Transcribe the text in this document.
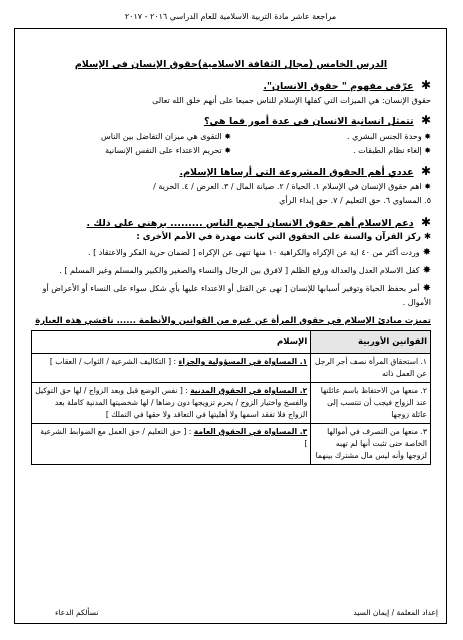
مراجعة عاشر مادة التربية الاسلامية للعام الدراسي ٢٠١٦ - ٢٠١٧
الدرس الخامس (مجال الثقافة الاسلامية)حقوق الإنسان في الإسلام
✱ عرّفي مفهوم " حقوق الانسان".
حقوق الإنسان: هي الميزات التي كفلها الإسلام للناس جميعا على أنهم خلق الله تعالى
✱ تتمثل انسانية الانسان في عدة أمور فما هي؟
✸ وحدة الجنس البشري .
✸ التقوى هي ميزان التفاضل بين الناس
✸ إلغاء نظام الطبقات .
✸ تحريم الاعتداء على النفس الإنسانية
✱ عددي أهم الحقوق المشروعة التي أرساها الإسلام.
✸ اهم حقوق الإنسان في الإسلام ١. الحياة / ٢. صيانة المال / ٣. العرض / ٤. الحرية /
٥. المساوي ٦. حق التعليم / ٧. حق إبداء الرأي
✱ دعم الاسلام أهم حقوق الانسان لجميع الناس ......... برهني على ذلك .
✱ ركز القرآن والسنة على الحقوق التي كانت مهدرة في الأمم الأخرى :
✸وردت أكثر من ٤٠ اية عن الإكراه والكراهية ١٠ منها تنهى عن الإكراه [ لضمان حرية الفكر والاعتقاد ] .
✸كفل الاسلام العدل والعدالة ورفع الظلم [ لافرق بين الرجال والنساء والصغير والكبير والمسلم وغير المسلم ] .
✸أمر بحفظ الحياة وتوفير أسبابها للإنسان [ نهى عن القتل أو الاعتداء عليها بأي شكل سواء على النساء أو الأعراض أو الأموال .
تميزت مبادئ الإسلام في حقوق المرأة عن غيره من القوانين والأنظمة ...... ناقشي هذه العبارة
القوانين الأوربية	الإسلام
١. استحقاق المرأة نصف أجر الرجل عن العمل ذاته	١. المساواة في المسؤولية والجزاء : [ التكاليف الشرعية / الثواب / العقاب ]
٢. منعها من الاحتفاظ باسم عائلتها عند الزواج فيجب أن تنتسب إلى عائلة زوجها	٢. المساواة في الحقوق المدنية : [ نفس الوضع قبل وبعد الزواج / لها حق التوكيل والفسخ واختيار الزوج / يحرم تزويجها دون رضاها / لها شخصيتها المدنية كاملة بعد الزواج فلا تفقد اسمها ولا أهليتها في التعاقد ولا حقها في التملك ]
٣. منعها من التصرف في أموالها الخاصة حتى تثبت أنها لم تهبه لزوجها وأنه ليس مال مشترك بينهما	٣. المساواة في الحقوق العامة : [ حق التعليم / حق العمل مع الضوابط الشرعية ]
إعداد المعلمة / إيمان السيد
نسألكم الدعاء
